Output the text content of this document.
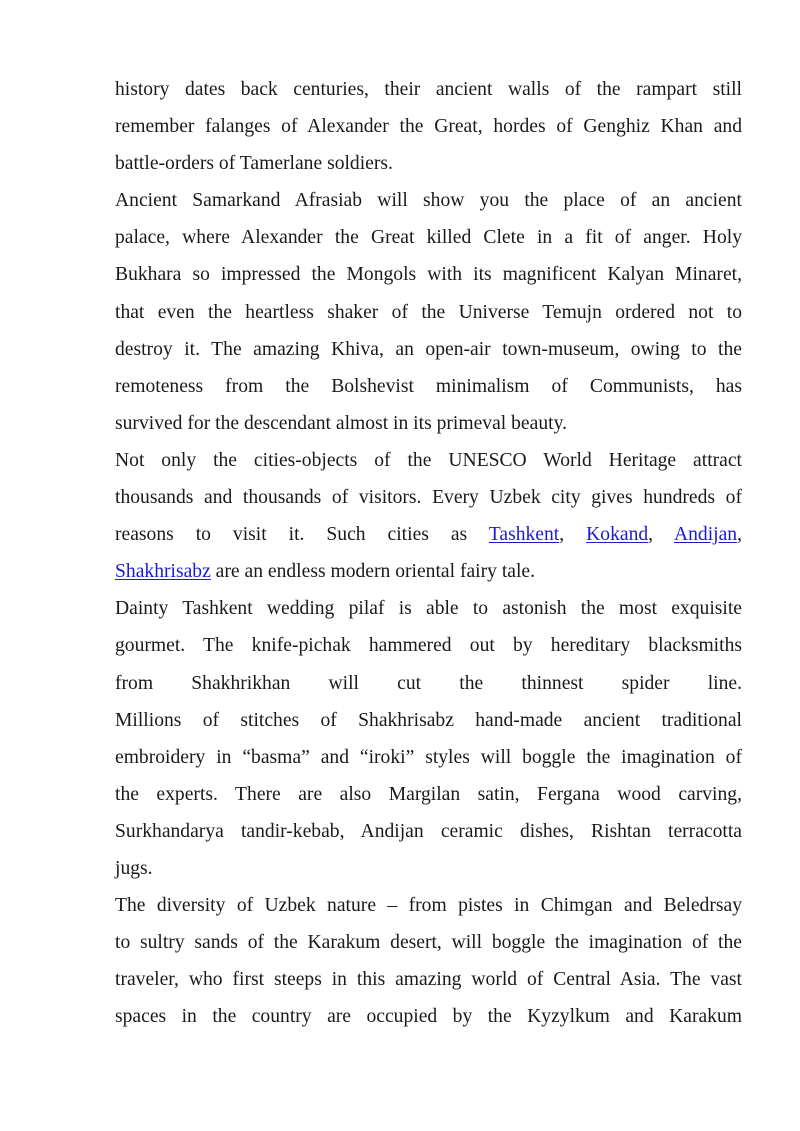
history dates back centuries, their ancient walls of the rampart still
remember falanges of Alexander the Great, hordes of Genghiz Khan and
battle-orders of Tamerlane soldiers.
Ancient Samarkand Afrasiab will show you the place of an ancient
palace, where Alexander the Great killed Clete in a fit of anger. Holy
Bukhara so impressed the Mongols with its magnificent Kalyan Minaret,
that even the heartless shaker of the Universe Temujn ordered not to
destroy it. The amazing Khiva, an open-air town-museum, owing to the
remoteness from the Bolshevist minimalism of Communists, has
survived for the descendant almost in its primeval beauty.
Not only the cities-objects of the UNESCO World Heritage attract
thousands and thousands of visitors. Every Uzbek city gives hundreds of
reasons to visit it. Such cities as Tashkent, Kokand, Andijan,
Shakhrisabz are an endless modern oriental fairy tale.
Dainty Tashkent wedding pilaf is able to astonish the most exquisite
gourmet. The knife-pichak hammered out by hereditary blacksmiths
from Shakhrikhan will cut the thinnest spider line.
Millions of stitches of Shakhrisabz hand-made ancient traditional
embroidery in “basma” and “iroki” styles will boggle the imagination of
the experts. There are also Margilan satin, Fergana wood carving,
Surkhandarya tandir-kebab, Andijan ceramic dishes, Rishtan terracotta
jugs.
The diversity of Uzbek nature – from pistes in Chimgan and Beledrsay
to sultry sands of the Karakum desert, will boggle the imagination of the
traveler, who first steeps in this amazing world of Central Asia. The vast
spaces in the country are occupied by the Kyzylkum and Karakum
